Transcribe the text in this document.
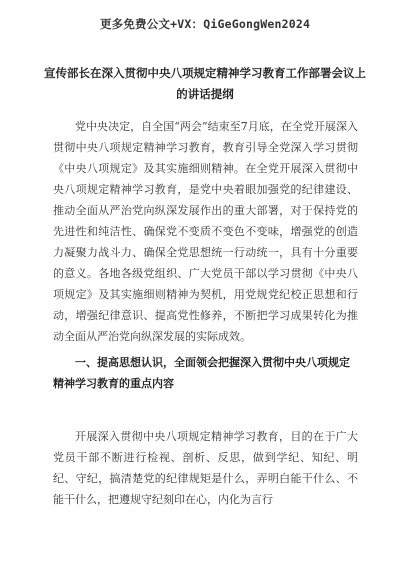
更多免费公文+VX：QiGeGongWen2024
宣传部长在深入贯彻中央八项规定精神学习教育工作部署会议上的讲话提纲

党中央决定，自全国“两会”结束至7月底，在全党开展深入贯彻中央八项规定精神学习教育，教育引导全党深入学习贯彻《中央八项规定》及其实施细则精神。在全党开展深入贯彻中央八项规定精神学习教育，是党中央着眼加强党的纪律建设、推动全面从严治党向纵深发展作出的重大部署，对于保持党的先进性和纯洁性、确保党不变质不变色不变味，增强党的创造力凝聚力战斗力、确保全党思想统一行动统一，具有十分重要的意义。各地各级党组织、广大党员干部以学习贯彻《中央八项规定》及其实施细则精神为契机，用党规党纪校正思想和行动，增强纪律意识、提高党性修养，不断把学习成果转化为推动全面从严治党向纵深发展的实际成效。

一、提高思想认识，全面领会把握深入贯彻中央八项规定精神学习教育的重点内容

开展深入贯彻中央八项规定精神学习教育，目的在于广大党员干部不断进行检视、剖析、反思，做到学纪、知纪、明纪、守纪，搞清楚党的纪律规矩是什么，弄明白能干什么、不能干什么，把遵规守纪刻印在心，内化为言行
